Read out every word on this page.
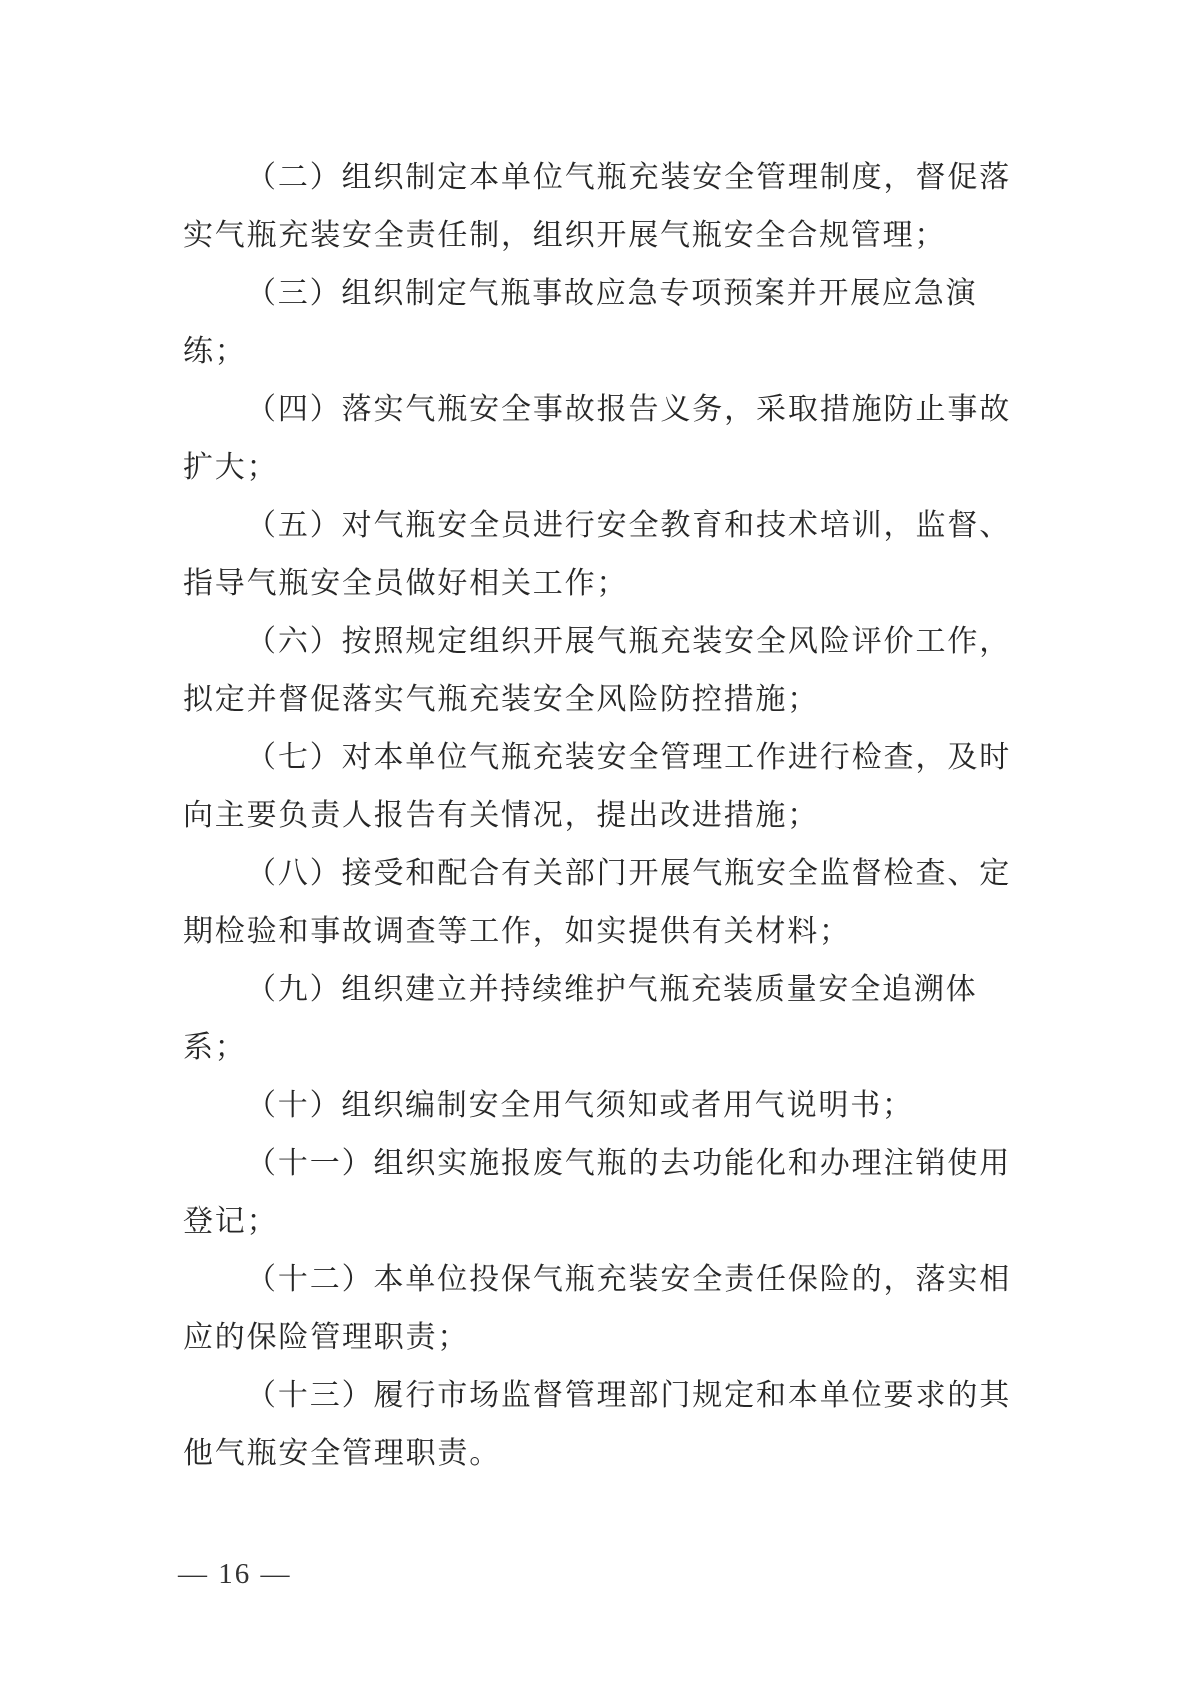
（二）组织制定本单位气瓶充装安全管理制度，督促落
实气瓶充装安全责任制，组织开展气瓶安全合规管理；
（三）组织制定气瓶事故应急专项预案并开展应急演
练；
（四）落实气瓶安全事故报告义务，采取措施防止事故
扩大；
（五）对气瓶安全员进行安全教育和技术培训，监督、
指导气瓶安全员做好相关工作；
（六）按照规定组织开展气瓶充装安全风险评价工作，
拟定并督促落实气瓶充装安全风险防控措施；
（七）对本单位气瓶充装安全管理工作进行检查，及时
向主要负责人报告有关情况，提出改进措施；
（八）接受和配合有关部门开展气瓶安全监督检查、定
期检验和事故调查等工作，如实提供有关材料；
（九）组织建立并持续维护气瓶充装质量安全追溯体
系；
（十）组织编制安全用气须知或者用气说明书；
（十一）组织实施报废气瓶的去功能化和办理注销使用
登记；
（十二）本单位投保气瓶充装安全责任保险的，落实相
应的保险管理职责；
（十三）履行市场监督管理部门规定和本单位要求的其
他气瓶安全管理职责。
— 16 —
